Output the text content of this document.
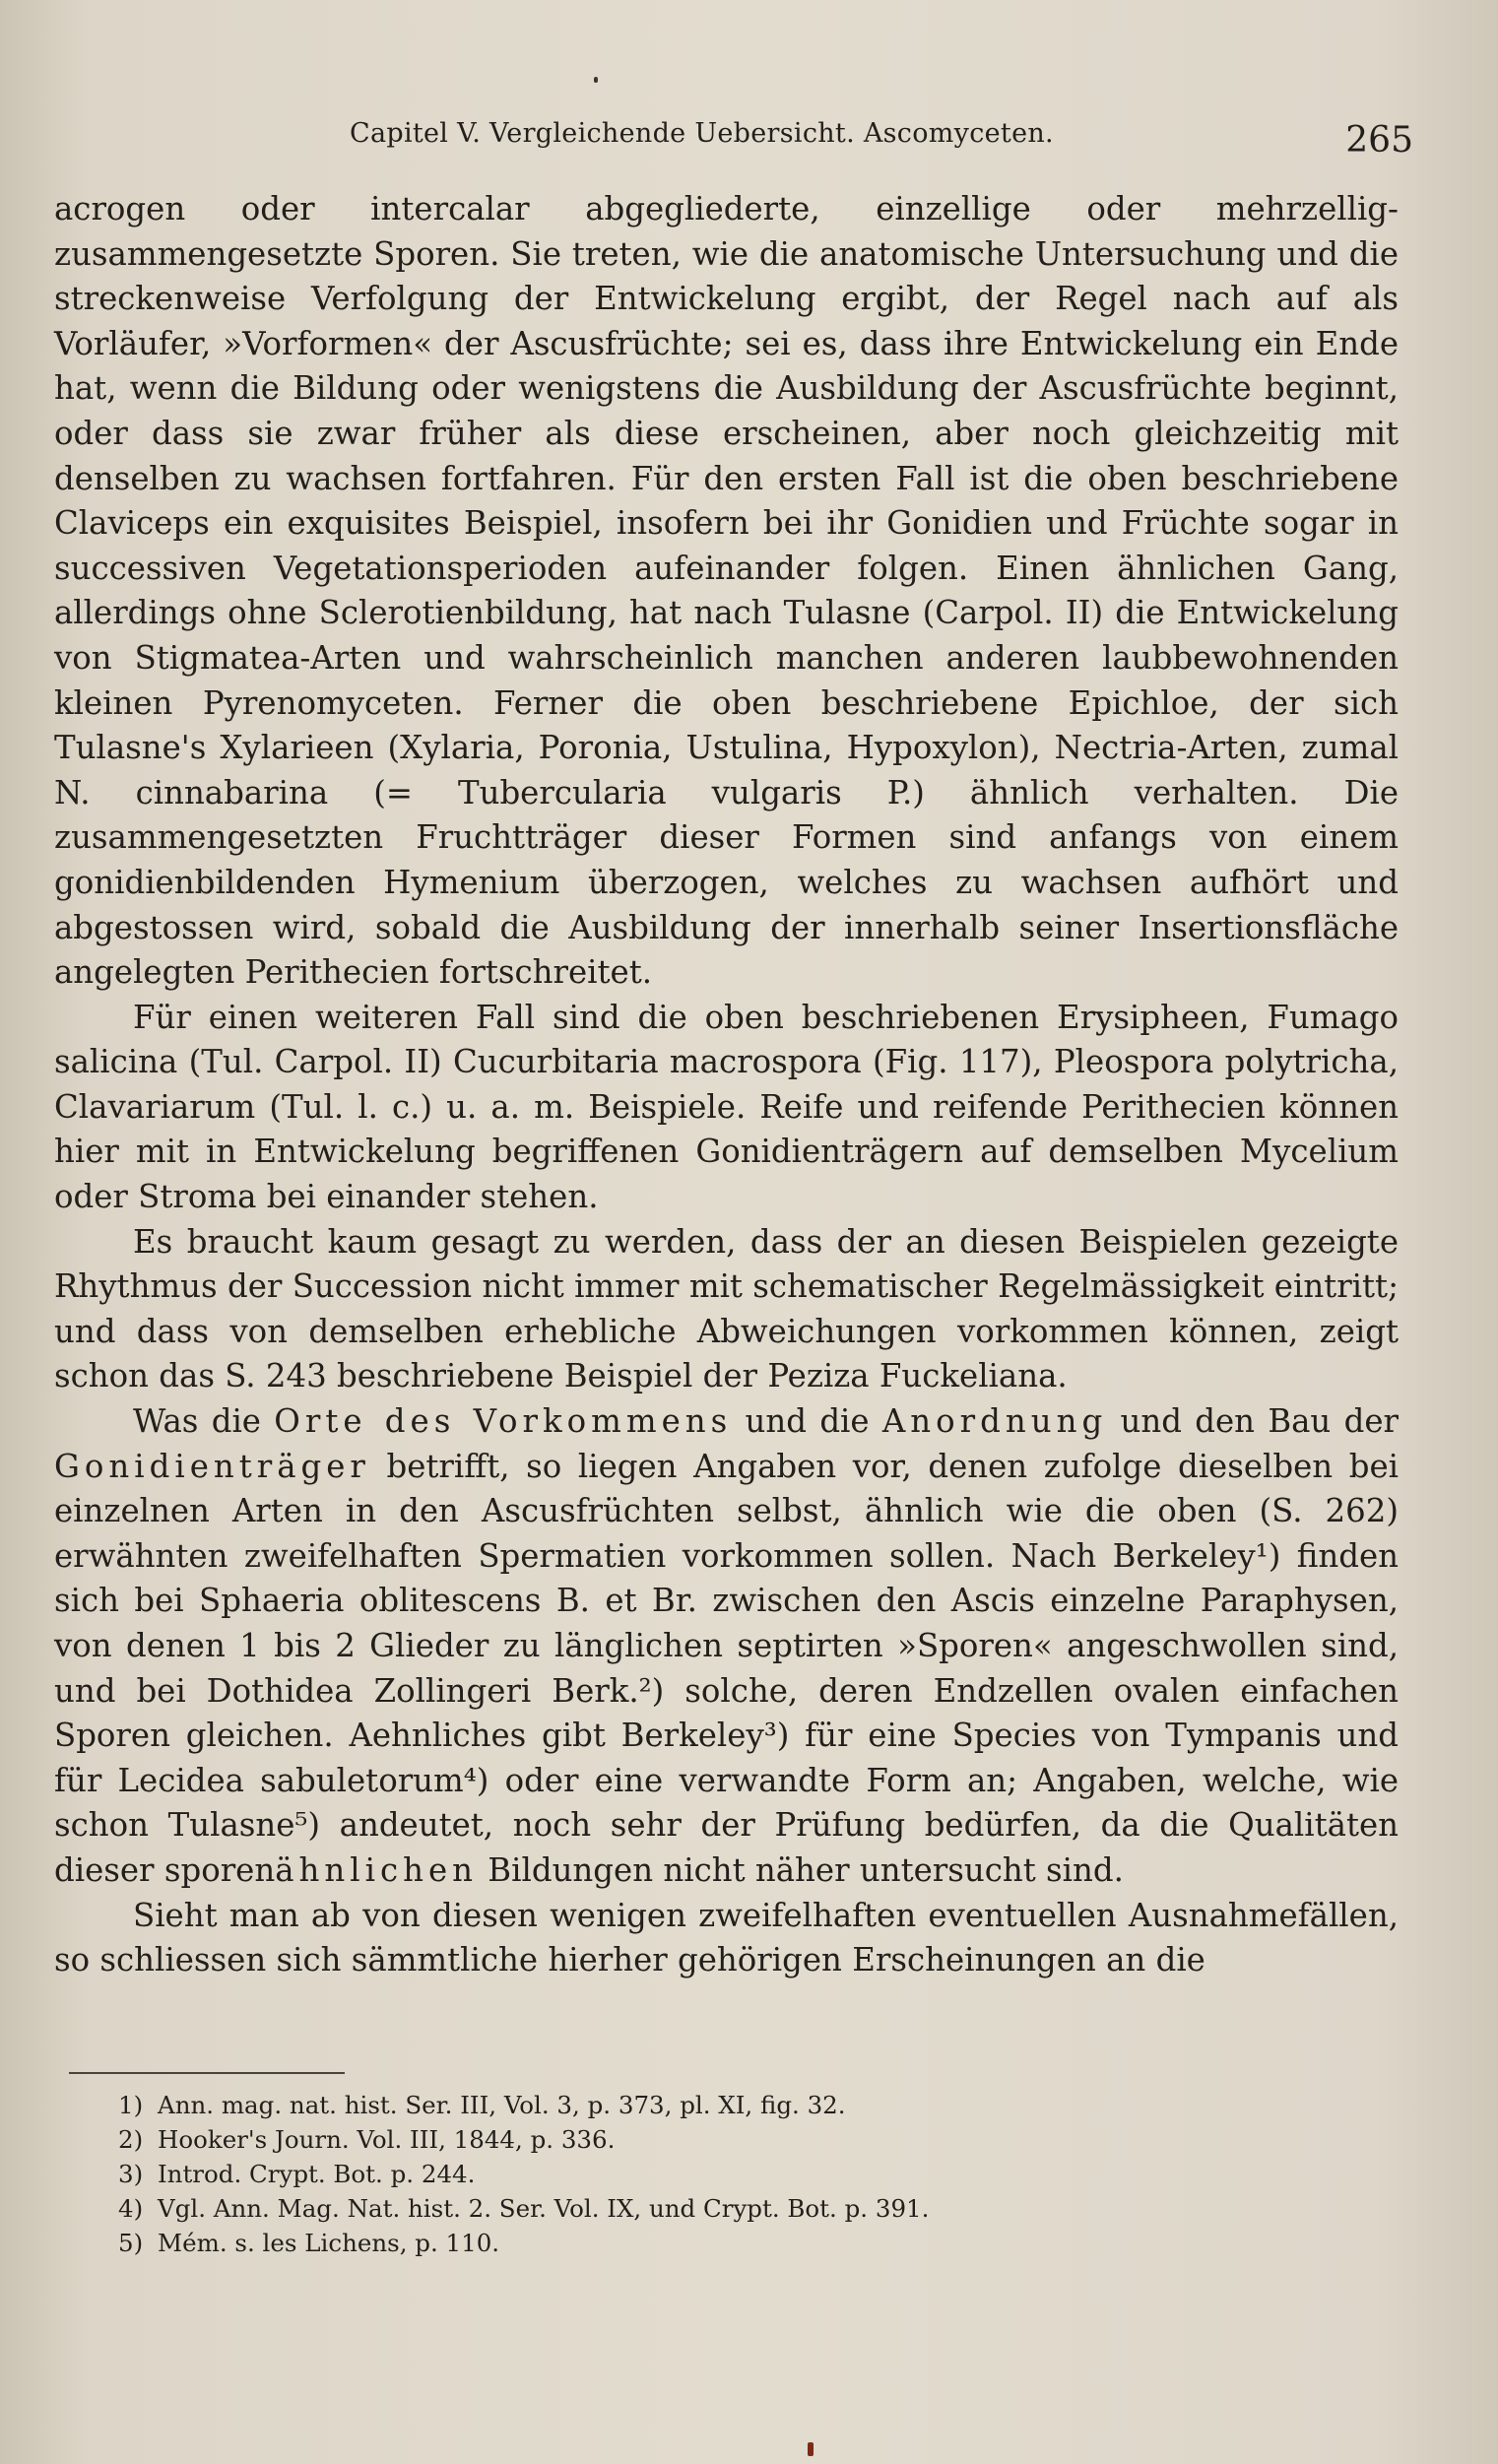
Capitel V. Vergleichende Uebersicht. Ascomyceten.	265

acrogen oder intercalar abgegliederte, einzellige oder mehrzellig-zusammengesetzte Sporen. Sie treten, wie die anatomische Untersuchung und die streckenweise Verfolgung der Entwickelung ergibt, der Regel nach auf als Vorläufer, »Vorformen« der Ascusfrüchte; sei es, dass ihre Entwickelung ein Ende hat, wenn die Bildung oder wenigstens die Ausbildung der Ascusfrüchte beginnt, oder dass sie zwar früher als diese erscheinen, aber noch gleichzeitig mit denselben zu wachsen fortfahren. Für den ersten Fall ist die oben beschriebene Claviceps ein exquisites Beispiel, insofern bei ihr Gonidien und Früchte sogar in successiven Vegetationsperioden aufeinander folgen. Einen ähnlichen Gang, allerdings ohne Sclerotienbildung, hat nach Tulasne (Carpol. II) die Entwickelung von Stigmatea-Arten und wahrscheinlich manchen anderen laubbewohnenden kleinen Pyrenomyceten. Ferner die oben beschriebene Epichloe, der sich Tulasne's Xylarieen (Xylaria, Poronia, Ustulina, Hypoxylon), Nectria-Arten, zumal N. cinnabarina (= Tubercularia vulgaris P.) ähnlich verhalten. Die zusammengesetzten Fruchtträger dieser Formen sind anfangs von einem gonidienbildenden Hymenium überzogen, welches zu wachsen aufhört und abgestossen wird, sobald die Ausbildung der innerhalb seiner Insertionsfläche angelegten Perithecien fortschreitet.

Für einen weiteren Fall sind die oben beschriebenen Erysipheen, Fumago salicina (Tul. Carpol. II) Cucurbitaria macrospora (Fig. 117), Pleospora polytricha, Clavariarum (Tul. l. c.) u. a. m. Beispiele. Reife und reifende Perithecien können hier mit in Entwickelung begriffenen Gonidienträgern auf demselben Mycelium oder Stroma bei einander stehen.

Es braucht kaum gesagt zu werden, dass der an diesen Beispielen gezeigte Rhythmus der Succession nicht immer mit schematischer Regelmässigkeit eintritt; und dass von demselben erhebliche Abweichungen vorkommen können, zeigt schon das S. 243 beschriebene Beispiel der Peziza Fuckeliana.

Was die Orte des Vorkommens und die Anordnung und den Bau der Gonidienträger betrifft, so liegen Angaben vor, denen zufolge dieselben bei einzelnen Arten in den Ascusfrüchten selbst, ähnlich wie die oben (S. 262) erwähnten zweifelhaften Spermatien vorkommen sollen. Nach Berkeley¹) finden sich bei Sphaeria oblitescens B. et Br. zwischen den Ascis einzelne Paraphysen, von denen 1 bis 2 Glieder zu länglichen septirten »Sporen« angeschwollen sind, und bei Dothidea Zollingeri Berk.²) solche, deren Endzellen ovalen einfachen Sporen gleichen. Aehnliches gibt Berkeley³) für eine Species von Tympanis und für Lecidea sabuletorum⁴) oder eine verwandte Form an; Angaben, welche, wie schon Tulasne⁵) andeutet, noch sehr der Prüfung bedürfen, da die Qualitäten dieser sporenähnlichen Bildungen nicht näher untersucht sind.

Sieht man ab von diesen wenigen zweifelhaften eventuellen Ausnahmefällen, so schliessen sich sämmtliche hierher gehörigen Erscheinungen an die

1) Ann. mag. nat. hist. Ser. III, Vol. 3, p. 373, pl. XI, fig. 32.
2) Hooker's Journ. Vol. III, 1844, p. 336.
3) Introd. Crypt. Bot. p. 244.
4) Vgl. Ann. Mag. Nat. hist. 2. Ser. Vol. IX, und Crypt. Bot. p. 391.
5) Mém. s. les Lichens, p. 110.
